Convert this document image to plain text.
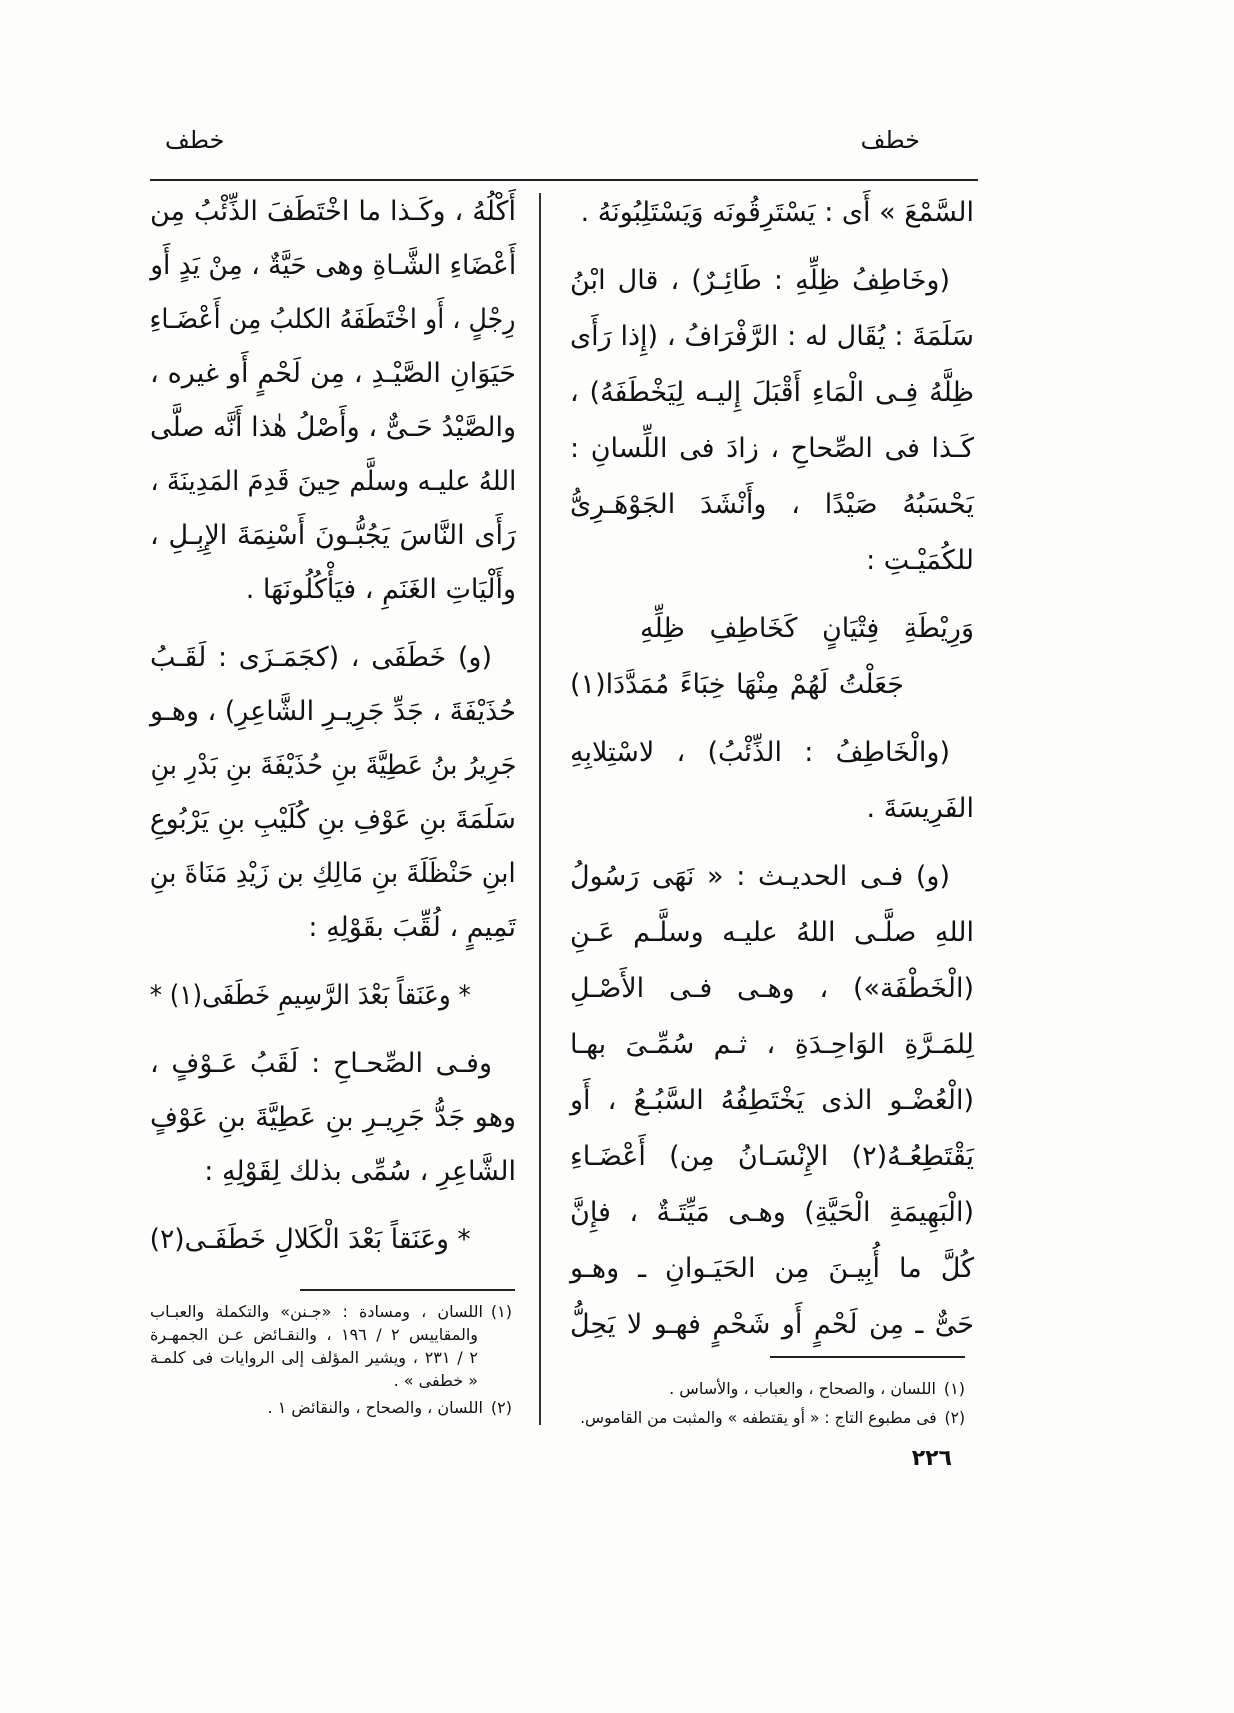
خطف
خطف
السَّمْعَ » أَى : يَسْتَرِقُونَه وَيَسْتَلِبُونَهُ .
(وخَاطِفُ ظِلِّهِ : طَائِـرٌ) ، قال ابْنُ
سَلَمَةَ : يُقَال له : الرَّفْرَافُ ، (إِذا رَأَى
ظِلَّهُ فِـى الْمَاءِ أَقْبَلَ إِليـه لِيَخْطَفَهُ) ،
كَـذا فى الصِّحاحِ ، زادَ فى اللِّسانِ :
يَحْسَبُهُ صَيْدًا ، وأَنْشَدَ الجَوْهَـرِىُّ
للكُمَيْـتِ :
وَرِيْطَةِ فِتْيَانٍ كَخَاطِفِ ظِلِّهِ
جَعَلْتُ لَهُمْ مِنْهَا خِبَاءً مُمَدَّدَا(١)
(والْخَاطِفُ : الذِّئْبُ) ، لاسْتِلابِهِ
الفَرِيسَةَ .
(و) فـى الحديـث : « نَهَى رَسُولُ
اللهِ صلَّـى اللهُ عليـه وسلَّـم عَـنِ
(الْخَطْفَة») ، وهـى فـى الأَصْـلِ
لِلمَـرَّةِ الوَاحِـدَةِ ، ثـم سُمِّـىَ بهـا
(الْعُضْـو الذى يَخْتَطِفُهُ السَّبُـعُ ، أَو
يَقْتَطِعُـهُ(٢) الإِنْسَـانُ مِن) أَعْضَـاءِ
(الْبَهِيمَةِ الْحَيَّةِ) وهـى مَيِّتَـةٌ ، فإِنَّ
كُلَّ ما أُبِيـنَ مِن الحَيَـوانِ ـ وهـو
حَىٌّ ـ مِن لَحْمٍ أَو شَحْمٍ فهـو لا يَحِلُّ
أَكْلُهُ ، وكَـذا ما اخْتَطَفَ الذِّئْبُ مِن
أَعْضَاءِ الشَّـاةِ وهى حَيَّةٌ ، مِنْ يَدٍ أَو
رِجْلٍ ، أَو اخْتَطَفَهُ الكلبُ مِن أَعْضَـاءِ
حَيَوَانِ الصَّيْـدِ ، مِن لَحْمٍ أَو غيره ،
والصَّيْدُ حَـىٌّ ، وأَصْلُ هٰذا أَنَّه صلَّى
اللهُ عليـه وسلَّم حِينَ قَدِمَ المَدِينَةَ ،
رَأَى النَّاسَ يَجُبُّـونَ أَسْنِمَةَ الإِبِـلِ ،
وأَلْيَاتِ الغَنَمِ ، فيَأْكُلُونَهَا .
(و) خَطَفَى ، (كجَمَـزَى : لَقَـبُ
حُذَيْفَةَ ، جَدِّ جَرِيـرِ الشَّاعِرِ) ، وهـو
جَرِيرُ بنُ عَطِيَّةَ بنِ حُذَيْفَةَ بنِ بَدْرِ بنِ
سَلَمَةَ بنِ عَوْفِ بنِ كُلَيْبِ بنِ يَرْبُوعِ
ابنِ حَنْظَلَةَ بنِ مَالِكِ بن زَيْدِ مَنَاةَ بنِ
تَمِيمٍ ، لُقِّبَ بقَوْلِهِ :
* وعَنَقاً بَعْدَ الرَّسِيمِ خَطَفَى(١) *
وفـى الصِّحـاحِ : لَقَبُ عَـوْفٍ ،
وهو جَدُّ جَرِيـرِ بنِ عَطِيَّةَ بنِ عَوْفٍ
الشَّاعِرِ ، سُمِّى بذلك لِقَوْلِهِ :
* وعَنَقاً بَعْدَ الْكَلالِ خَطَفَـى(٢)
(١)اللسان ، ومسادة : «جـنن» والتكملة والعبـاب
والمقاييس ٢ / ١٩٦ ، والنقـائض عـن الجمهـرة
٢ / ٢٣١ ، ويشير المؤلف إلى الروايات فى كلمـة
« خطفى » .
(٢)اللسان ، والصحاح ، والنقائض ١ .
(١)اللسان ، والصحاح ، والعباب ، والأساس .
(٢)فى مطبوع التاج : « أو يقتطفه » والمثبت من القاموس.
٢٢٦
